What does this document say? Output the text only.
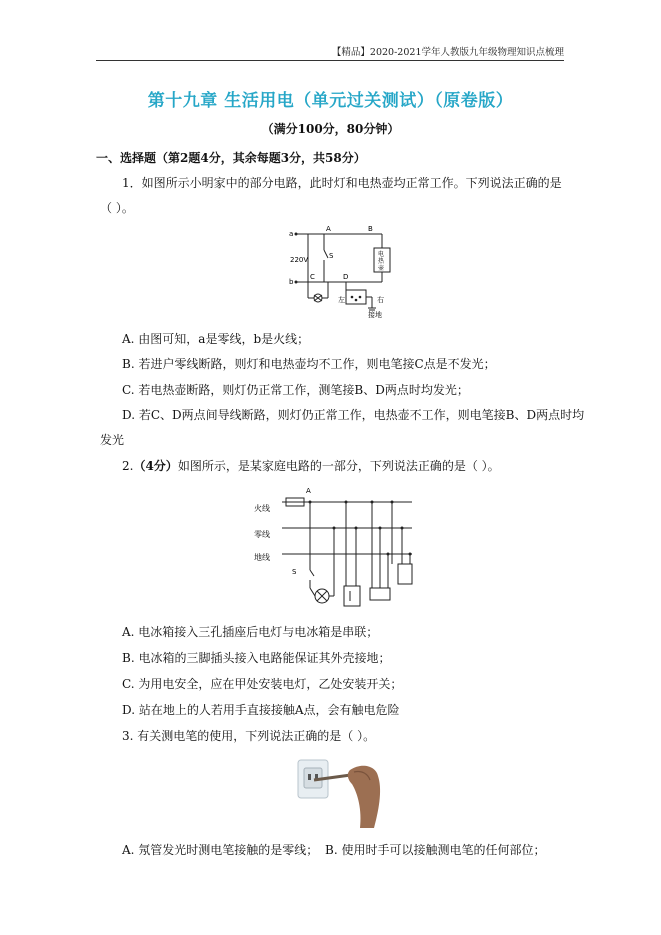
【精品】2020-2021学年人教版九年级物理知识点梳理
第十九章 生活用电（单元过关测试）（原卷版）
（满分100分，80分钟）
一、选择题（第2题4分，其余每题3分，共58分）
1．如图所示小明家中的部分电路，此时灯和电热壶均正常工作。下列说法正确的是
（ ）。
a
b
A	B
C	D
S
220V
电
热
壶
左	右
接地
A. 由图可知，a是零线，b是火线；
B. 若进户零线断路，则灯和电热壶均不工作，则电笔接C点是不发光；
C. 若电热壶断路，则灯仍正常工作，测笔接B、D两点时均发光；
D. 若C、D两点间导线断路，则灯仍正常工作，电热壶不工作，则电笔接B、D两点时均
发光
2.（4分）如图所示，是某家庭电路的一部分，下列说法正确的是（ ）。
A
火线
零线
地线
S
A. 电冰箱接入三孔插座后电灯与电冰箱是串联；
B. 电冰箱的三脚插头接入电路能保证其外壳接地；
C. 为用电安全，应在甲处安装电灯，乙处安装开关；
D. 站在地上的人若用手直接接触A点，会有触电危险
3. 有关测电笔的使用，下列说法正确的是（ ）。
A. 氖管发光时测电笔接触的是零线； B. 使用时手可以接触测电笔的任何部位；
